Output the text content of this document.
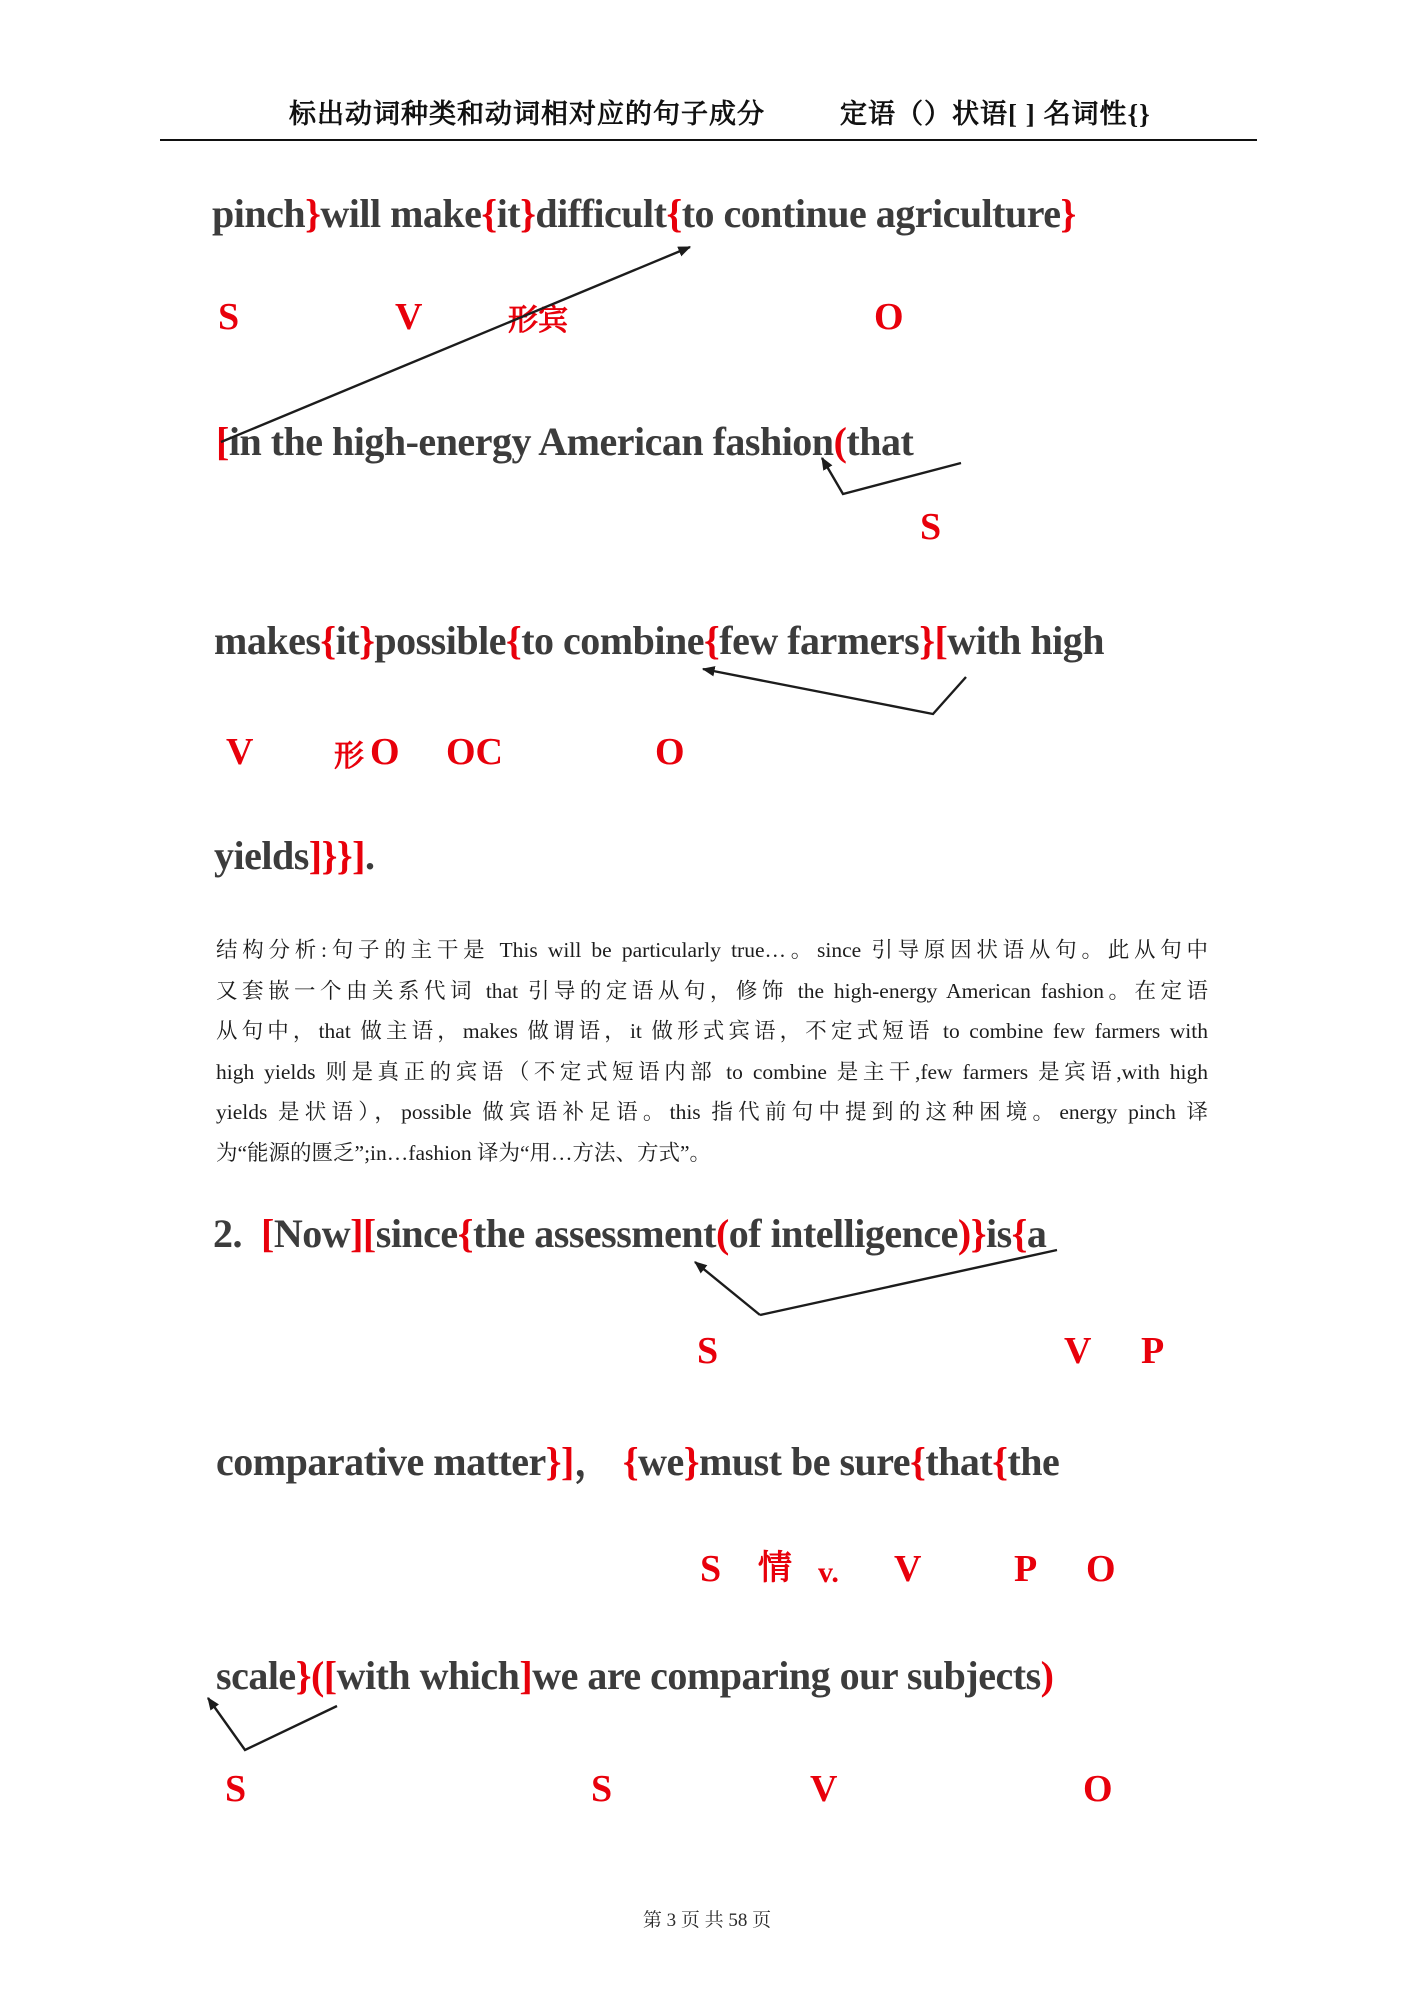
标出动词种类和动词相对应的句子成分	定语（）状语[ ] 名词性{}
pinch}will make{it}difficult{to continue agriculture}
[in the high-energy American fashion(that
makes{it}possible{to combine{few farmers}[with high
yields]}}].
2.  [Now][since{the assessment(of intelligence)}is{a
comparative matter}]， {we}must be sure{that{the
scale}([with which]we are comparing our subjects)
S	V	形宾	O
S
V	形 O OC	O
S	V P
S 情 v. V P O
S	S	V	O
结构分析:句子的主干是 This will be particularly true…。since 引导原因状语从句。此从句中
又套嵌一个由关系代词 that 引导的定语从句，修饰 the high-energy American fashion。在定语
从句中，that 做主语，makes 做谓语，it 做形式宾语，不定式短语 to combine few farmers with
high yields 则是真正的宾语（不定式短语内部 to combine 是主干,few farmers 是宾语,with high
yields 是状语），possible 做宾语补足语。this 指代前句中提到的这种困境。energy pinch 译
为“能源的匮乏”;in…fashion 译为“用…方法、方式”。
第 3 页 共 58 页
